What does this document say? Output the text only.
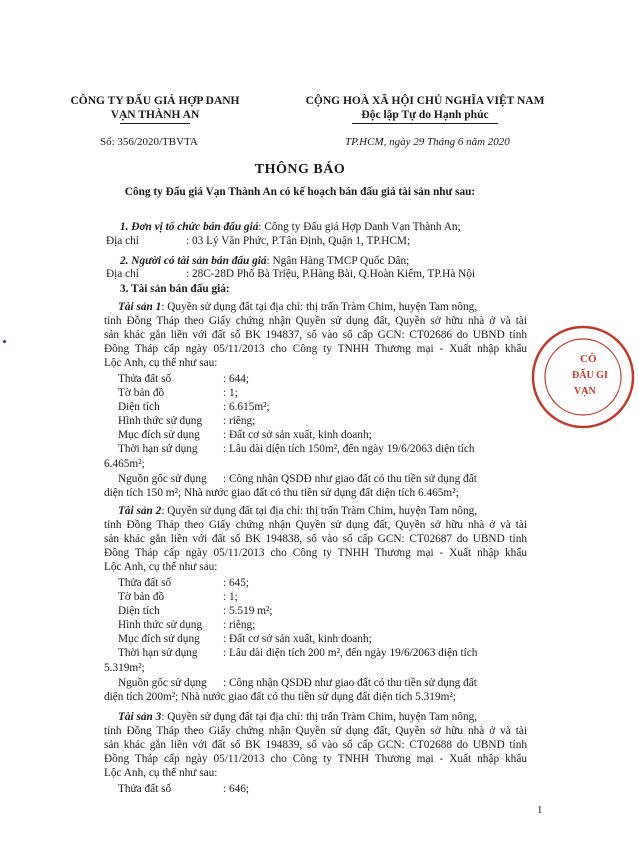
CÔNG TY ĐẤU GIÁ HỢP DANH
VẠN THÀNH AN
CỘNG HOÀ XÃ HỘI CHỦ NGHĨA VIỆT NAM
Độc lập Tự do Hạnh phúc
Số: 356/2020/TBVTA	TP.HCM, ngày 29 Tháng 6 năm 2020
THÔNG BÁO
Công ty Đấu giá Vạn Thành An có kế hoạch bán đấu giá tài sản như sau:
1. Đơn vị tổ chức bán đấu giá: Công ty Đấu giá Hợp Danh Vạn Thành An;
Địa chỉ	: 03 Lý Văn Phức, P.Tân Định, Quận 1, TP.HCM;
2. Người có tài sản bán đấu giá: Ngân Hàng TMCP Quốc Dân;
Địa chỉ	: 28C-28D Phố Bà Triệu, P.Hàng Bài, Q.Hoàn Kiếm, TP.Hà Nội
3. Tài sản bán đấu giá:
Tài sản 1: Quyền sử dụng đất tại địa chỉ: thị trấn Tràm Chim, huyện Tam nông,
tỉnh Đồng Tháp theo Giấy chứng nhận Quyền sử dụng đất, Quyền sở hữu nhà ở và tài
sản khác gắn liền với đất số BK 194837, số vào sổ cấp GCN: CT02686 do UBND tỉnh
Đồng Tháp cấp ngày 05/11/2013 cho Công ty TNHH Thương mại - Xuất nhập khẩu
Lộc Anh, cụ thể như sau:
Thửa đất số	: 644;
Tờ bản đồ	: 1;
Diện tích	: 6.615m²;
Hình thức sử dụng : riêng;
Mục đích sử dụng : Đất cơ sở sản xuất, kinh doanh;
Thời hạn sử dụng : Lâu dài diện tích 150m², đến ngày 19/6/2063 diện tích
6.465m²;
Nguồn gốc sử dụng : Công nhận QSDĐ như giao đất có thu tiền sử dụng đất
diện tích 150 m²; Nhà nước giao đất có thu tiền sử dụng đất diện tích 6.465m²;
Tài sản 2: Quyền sử dụng đất tại địa chỉ: thị trấn Tràm Chim, huyện Tam nông,
tỉnh Đồng Tháp theo Giấy chứng nhận Quyền sử dụng đất, Quyền sở hữu nhà ở và tài
sản khác gắn liền với đất số BK 194838, số vào sổ cấp GCN: CT02687 do UBND tỉnh
Đồng Tháp cấp ngày 05/11/2013 cho Công ty TNHH Thương mại - Xuất nhập khẩu
Lộc Anh, cụ thể như sau:
Thửa đất số	: 645;
Tờ bản đồ	: 1;
Diện tích	: 5.519 m²;
Hình thức sử dụng : riêng;
Mục đích sử dụng : Đất cơ sở sản xuất, kinh doanh;
Thời hạn sử dụng : Lâu dài diện tích 200 m², đến ngày 19/6/2063 diện tích
5.319m²;
Nguồn gốc sử dụng : Công nhận QSDĐ như giao đất có thu tiền sử dụng đất
diện tích 200m²; Nhà nước giao đất có thu tiền sử dụng đất diện tích 5.319m²;
Tài sản 3: Quyền sử dụng đất tại địa chỉ: thị trấn Tràm Chim, huyện Tam nông,
tỉnh Đồng Tháp theo Giấy chứng nhận Quyền sử dụng đất, Quyền sở hữu nhà ở và tài
sản khác gắn liền với đất số BK 194839, số vào sổ cấp GCN: CT02688 do UBND tỉnh
Đồng Tháp cấp ngày 05/11/2013 cho Công ty TNHH Thương mại - Xuất nhập khẩu
Lộc Anh, cụ thể như sau:
Thửa đất số	: 646;
CÔ
ĐẤU GI
VẠN
1
